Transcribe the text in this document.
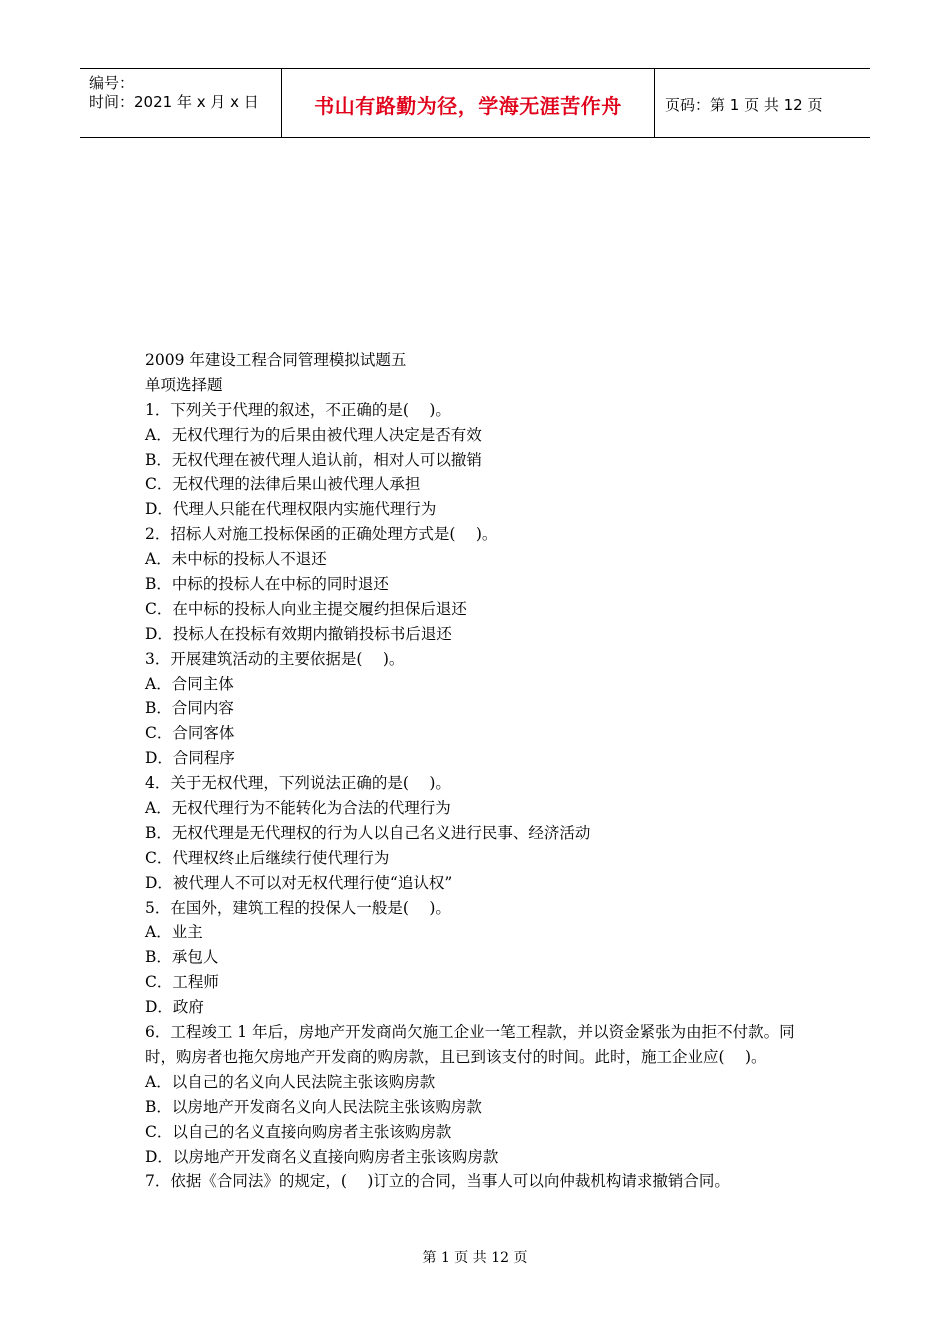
编号：
时间：2021 年 x 月 x 日	书山有路勤为径，学海无涯苦作舟	页码：第 1 页 共 12 页
2009 年建设工程合同管理模拟试题五
单项选择题
1．下列关于代理的叙述，不正确的是(　 )。
A．无权代理行为的后果由被代理人决定是否有效
B．无权代理在被代理人追认前，相对人可以撤销
C．无权代理的法律后果山被代理人承担
D．代理人只能在代理权限内实施代理行为
2．招标人对施工投标保函的正确处理方式是(　 )。
A．未中标的投标人不退还
B．中标的投标人在中标的同时退还
C．在中标的投标人向业主提交履约担保后退还
D．投标人在投标有效期内撤销投标书后退还
3．开展建筑活动的主要依据是(　 )。
A．合同主体
B．合同内容
C．合同客体
D．合同程序
4．关于无权代理，下列说法正确的是(　 )。
A．无权代理行为不能转化为合法的代理行为
B．无权代理是无代理权的行为人以自己名义进行民事、经济活动
C．代理权终止后继续行使代理行为
D．被代理人不可以对无权代理行使“追认权”
5．在国外，建筑工程的投保人一般是(　 )。
A．业主
B．承包人
C．工程师
D．政府
6．工程竣工 1 年后，房地产开发商尚欠施工企业一笔工程款，并以资金紧张为由拒不付款。同时，购房者也拖欠房地产开发商的购房款，且已到该支付的时间。此时，施工企业应(　 )。
A．以自己的名义向人民法院主张该购房款
B．以房地产开发商名义向人民法院主张该购房款
C．以自己的名义直接向购房者主张该购房款
D．以房地产开发商名义直接向购房者主张该购房款
7．依据《合同法》的规定，(　 )订立的合同，当事人可以向仲裁机构请求撤销合同。
第 1 页 共 12 页
